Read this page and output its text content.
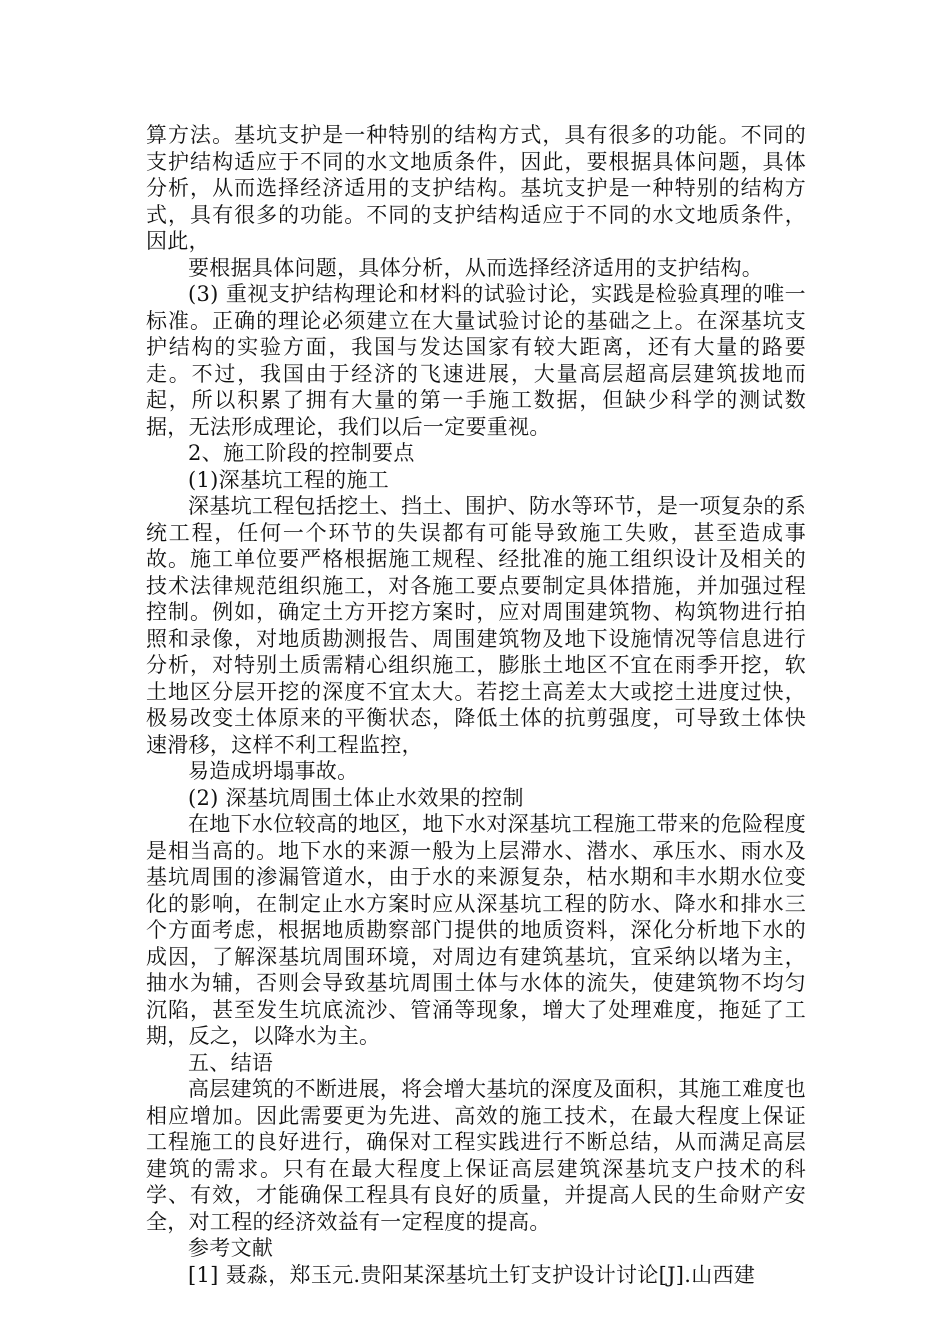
算方法。基坑支护是一种特别的结构方式，具有很多的功能。不同的支护结构适应于不同的水文地质条件，因此，要根据具体问题，具体分析，从而选择经济适用的支护结构。基坑支护是一种特别的结构方式，具有很多的功能。不同的支护结构适应于不同的水文地质条件，因此，

要根据具体问题，具体分析，从而选择经济适用的支护结构。

(3) 重视支护结构理论和材料的试验讨论，实践是检验真理的唯一标准。正确的理论必须建立在大量试验讨论的基础之上。在深基坑支护结构的实验方面，我国与发达国家有较大距离，还有大量的路要走。不过，我国由于经济的飞速进展，大量高层超高层建筑拔地而起，所以积累了拥有大量的第一手施工数据，但缺少科学的测试数据，无法形成理论，我们以后一定要重视。

2、施工阶段的控制要点

(1)深基坑工程的施工

深基坑工程包括挖土、挡土、围护、防水等环节，是一项复杂的系统工程，任何一个环节的失误都有可能导致施工失败，甚至造成事故。施工单位要严格根据施工规程、经批准的施工组织设计及相关的技术法律规范组织施工，对各施工要点要制定具体措施，并加强过程控制。例如，确定土方开挖方案时，应对周围建筑物、构筑物进行拍照和录像，对地质勘测报告、周围建筑物及地下设施情况等信息进行分析，对特别土质需精心组织施工，膨胀土地区不宜在雨季开挖，软土地区分层开挖的深度不宜太大。若挖土高差太大或挖土进度过快，极易改变土体原来的平衡状态，降低土体的抗剪强度，可导致土体快速滑移，这样不利工程监控，

易造成坍塌事故。

(2) 深基坑周围土体止水效果的控制

在地下水位较高的地区，地下水对深基坑工程施工带来的危险程度是相当高的。地下水的来源一般为上层滞水、潜水、承压水、雨水及基坑周围的渗漏管道水，由于水的来源复杂，枯水期和丰水期水位变化的影响，在制定止水方案时应从深基坑工程的防水、降水和排水三个方面考虑，根据地质勘察部门提供的地质资料，深化分析地下水的成因，了解深基坑周围环境，对周边有建筑基坑，宜采纳以堵为主，抽水为辅，否则会导致基坑周围土体与水体的流失，使建筑物不均匀沉陷，甚至发生坑底流沙、管涌等现象，增大了处理难度，拖延了工期，反之，以降水为主。

五、结语

高层建筑的不断进展，将会增大基坑的深度及面积，其施工难度也相应增加。因此需要更为先进、高效的施工技术，在最大程度上保证工程施工的良好进行，确保对工程实践进行不断总结，从而满足高层建筑的需求。只有在最大程度上保证高层建筑深基坑支户技术的科学、有效，才能确保工程具有良好的质量，并提高人民的生命财产安全，对工程的经济效益有一定程度的提高。

参考文献

[1] 聂淼，郑玉元.贵阳某深基坑土钉支护设计讨论[J].山西建
